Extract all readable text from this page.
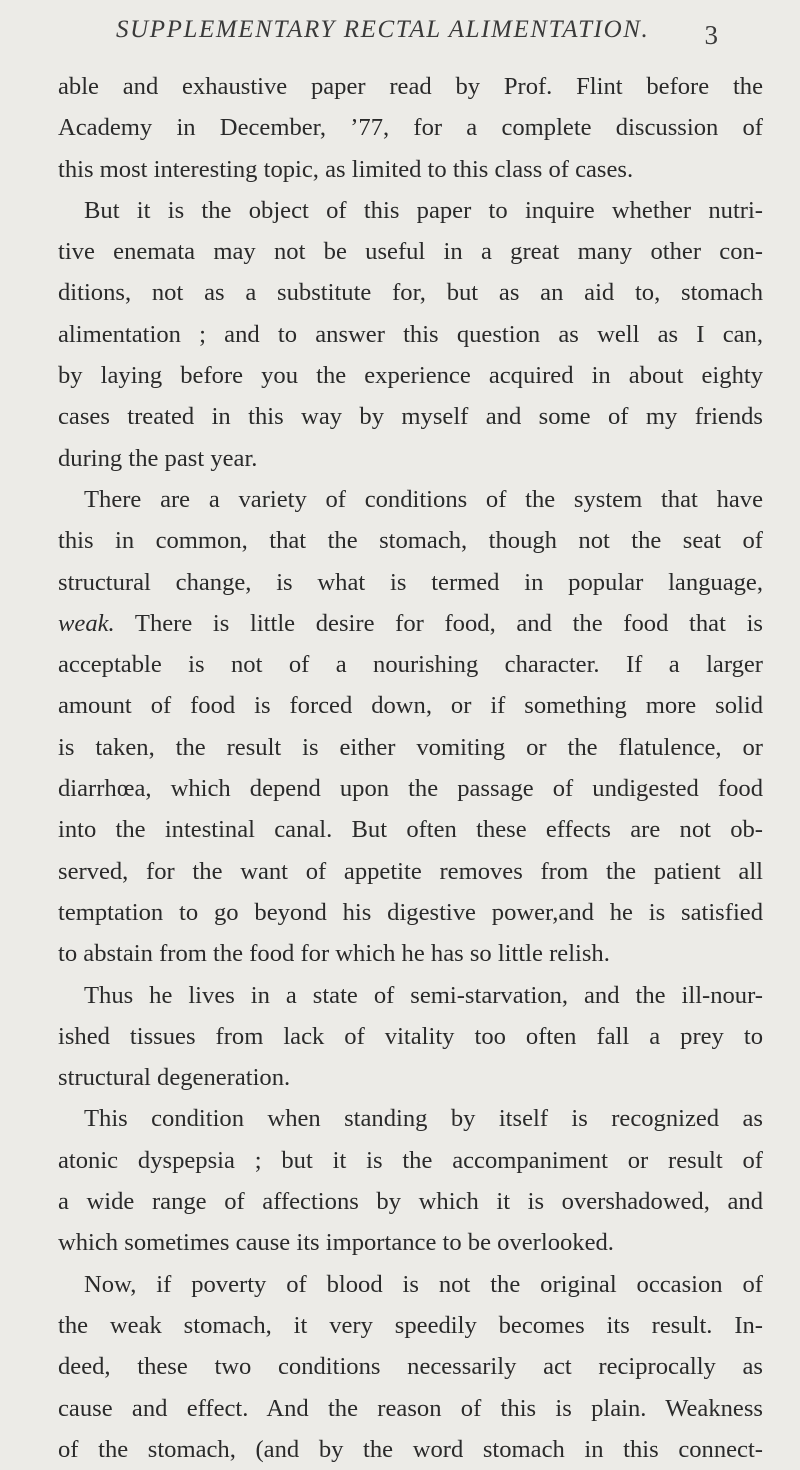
SUPPLEMENTARY RECTAL ALIMENTATION. 3
able and exhaustive paper read by Prof. Flint before the
Academy in December, ’77, for a complete discussion of
this most interesting topic, as limited to this class of cases.
But it is the object of this paper to inquire whether nutri-
tive enemata may not be useful in a great many other con-
ditions, not as a substitute for, but as an aid to, stomach
alimentation ; and to answer this question as well as I can,
by laying before you the experience acquired in about eighty
cases treated in this way by myself and some of my friends
during the past year.
There are a variety of conditions of the system that have
this in common, that the stomach, though not the seat of
structural change, is what is termed in popular language,
weak. There is little desire for food, and the food that is
acceptable is not of a nourishing character. If a larger
amount of food is forced down, or if something more solid
is taken, the result is either vomiting or the flatulence, or
diarrhœa, which depend upon the passage of undigested food
into the intestinal canal. But often these effects are not ob-
served, for the want of appetite removes from the patient all
temptation to go beyond his digestive power,and he is satisfied
to abstain from the food for which he has so little relish.
Thus he lives in a state of semi-starvation, and the ill-nour-
ished tissues from lack of vitality too often fall a prey to
structural degeneration.
This condition when standing by itself is recognized as
atonic dyspepsia ; but it is the accompaniment or result of
a wide range of affections by which it is overshadowed, and
which sometimes cause its importance to be overlooked.
Now, if poverty of blood is not the original occasion of
the weak stomach, it very speedily becomes its result. In-
deed, these two conditions necessarily act reciprocally as
cause and effect. And the reason of this is plain. Weakness
of the stomach, (and by the word stomach in this connect-
